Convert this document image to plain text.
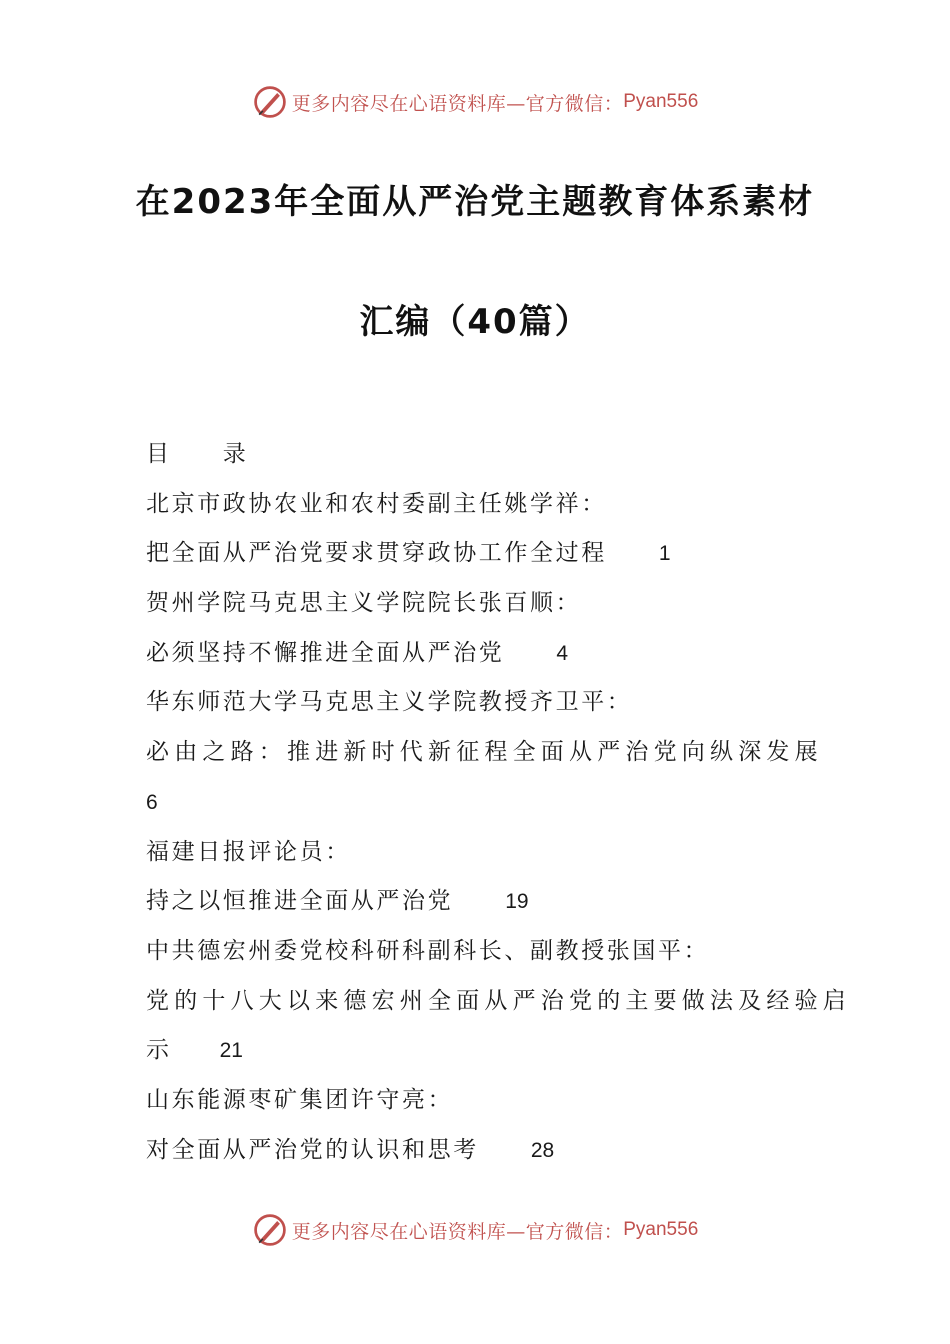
更多内容尽在心语资料库—官方微信： Pyan556
在2023年全面从严治党主题教育体系素材
汇编（40篇）
目　　录
北京市政协农业和农村委副主任姚学祥：
把全面从严治党要求贯穿政协工作全过程 1
贺州学院马克思主义学院院长张百顺：
必须坚持不懈推进全面从严治党 4
华东师范大学马克思主义学院教授齐卫平：
必由之路：推进新时代新征程全面从严治党向纵深发展
6
福建日报评论员：
持之以恒推进全面从严治党 19
中共德宏州委党校科研科副科长、副教授张国平：
党的十八大以来德宏州全面从严治党的主要做法及经验启
示 21
山东能源枣矿集团许守亮：
对全面从严治党的认识和思考 28
更多内容尽在心语资料库—官方微信： Pyan556
